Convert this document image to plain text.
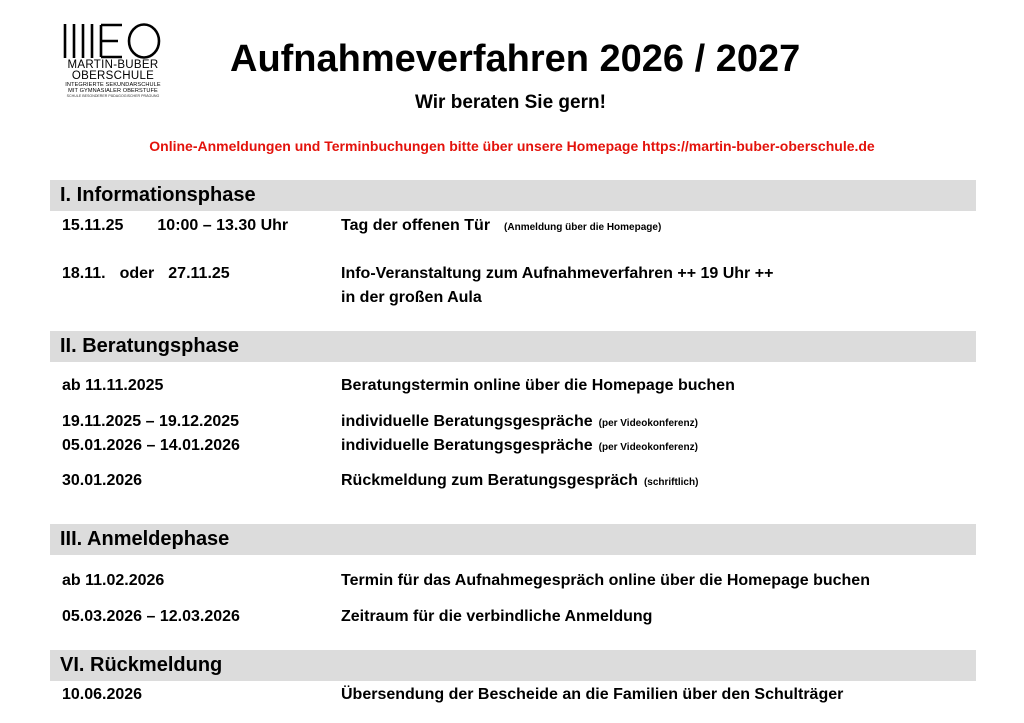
MARTIN-BUBER
OBERSCHULE
INTEGRIERTE SEKUNDARSCHULE
MIT GYMNASIALER OBERSTUFE
SCHULE BESONDERER PÄDAGOGISCHER PRÄGUNG
Aufnahmeverfahren 2026 / 2027
Wir beraten Sie gern!
Online-Anmeldungen und Terminbuchungen bitte über unsere Homepage https://martin-buber-oberschule.de
I. Informationsphase
15.11.25 10:00 – 13.30 Uhr	Tag der offenen Tür (Anmeldung über die Homepage)
18.11. oder 27.11.25	Info-Veranstaltung zum Aufnahmeverfahren ++ 19 Uhr ++
in der großen Aula
II. Beratungsphase
ab 11.11.2025	Beratungstermin online über die Homepage buchen
19.11.2025 – 19.12.2025	individuelle Beratungsgespräche (per Videokonferenz)
05.01.2026 – 14.01.2026	individuelle Beratungsgespräche (per Videokonferenz)
30.01.2026	Rückmeldung zum Beratungsgespräch (schriftlich)
III. Anmeldephase
ab 11.02.2026	Termin für das Aufnahmegespräch online über die Homepage buchen
05.03.2026 – 12.03.2026	Zeitraum für die verbindliche Anmeldung
VI. Rückmeldung
10.06.2026	Übersendung der Bescheide an die Familien über den Schulträger
